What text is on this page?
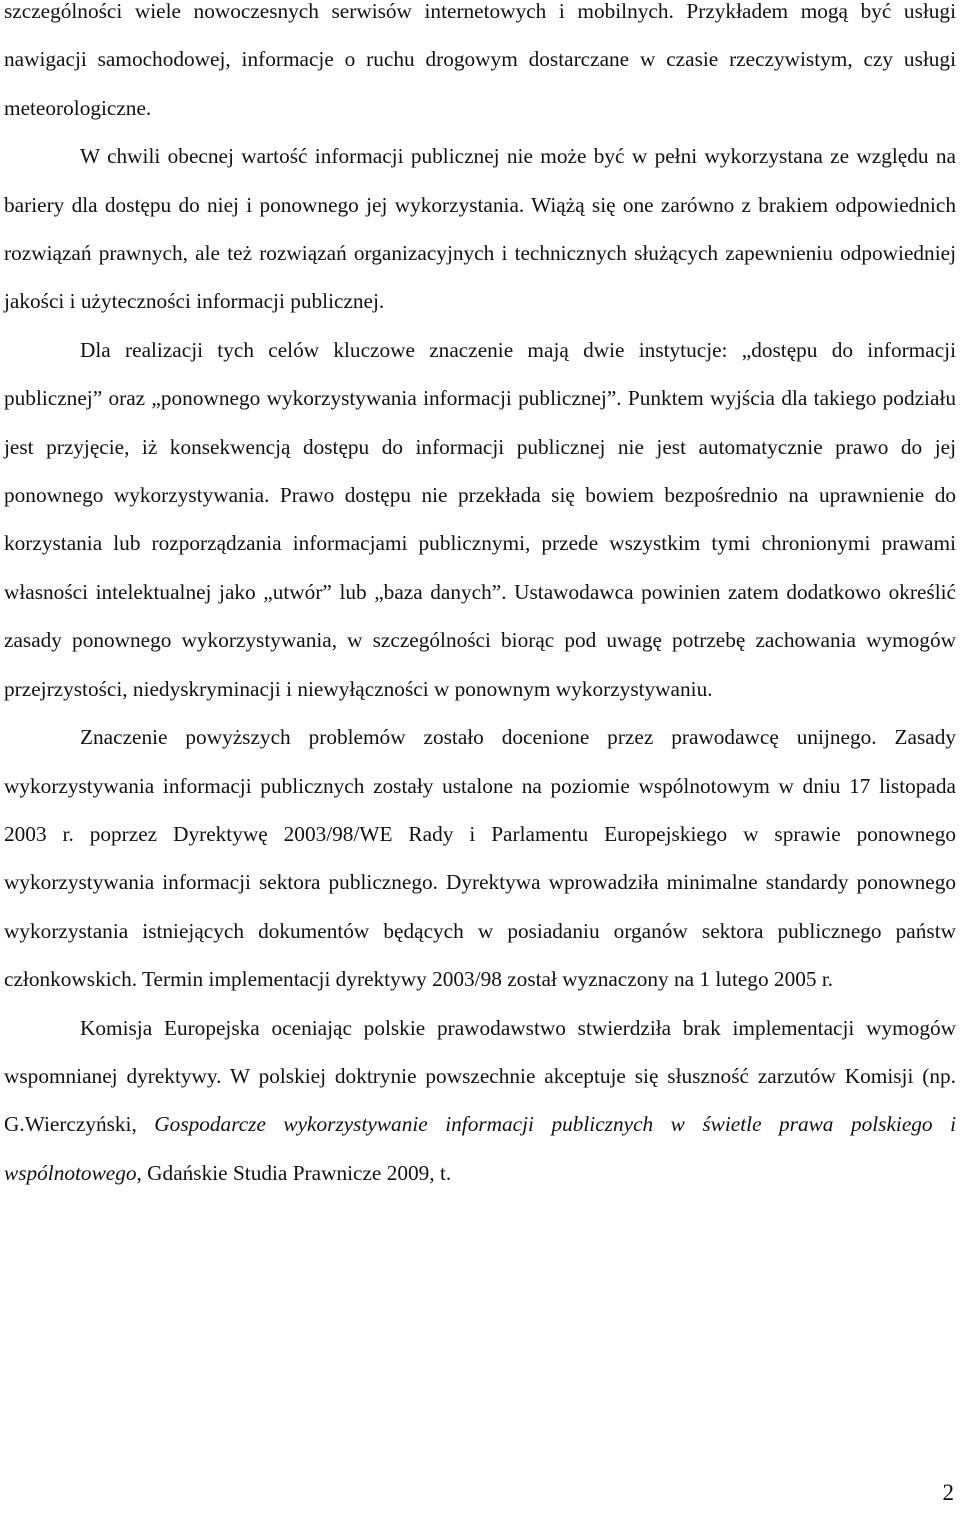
szczególności wiele nowoczesnych serwisów internetowych i mobilnych. Przykładem mogą być usługi nawigacji samochodowej, informacje o ruchu drogowym dostarczane w czasie rzeczywistym, czy usługi meteorologiczne.

W chwili obecnej wartość informacji publicznej nie może być w pełni wykorzystana ze względu na bariery dla dostępu do niej i ponownego jej wykorzystania. Wiążą się one zarówno z brakiem odpowiednich rozwiązań prawnych, ale też rozwiązań organizacyjnych i technicznych służących zapewnieniu odpowiedniej jakości i użyteczności informacji publicznej.

Dla realizacji tych celów kluczowe znaczenie mają dwie instytucje: „dostępu do informacji publicznej” oraz „ponownego wykorzystywania informacji publicznej”. Punktem wyjścia dla takiego podziału jest przyjęcie, iż konsekwencją dostępu do informacji publicznej nie jest automatycznie prawo do jej ponownego wykorzystywania. Prawo dostępu nie przekłada się bowiem bezpośrednio na uprawnienie do korzystania lub rozporządzania informacjami publicznymi, przede wszystkim tymi chronionymi prawami własności intelektualnej jako „utwór” lub „baza danych”. Ustawodawca powinien zatem dodatkowo określić zasady ponownego wykorzystywania, w szczególności biorąc pod uwagę potrzebę zachowania wymogów przejrzystości, niedyskryminacji i niewyłączności w ponownym wykorzystywaniu.

Znaczenie powyższych problemów zostało docenione przez prawodawcę unijnego. Zasady wykorzystywania informacji publicznych zostały ustalone na poziomie wspólnotowym w dniu 17 listopada 2003 r. poprzez Dyrektywę 2003/98/WE Rady i Parlamentu Europejskiego w sprawie ponownego wykorzystywania informacji sektora publicznego. Dyrektywa wprowadziła minimalne standardy ponownego wykorzystania istniejących dokumentów będących w posiadaniu organów sektora publicznego państw członkowskich. Termin implementacji dyrektywy 2003/98 został wyznaczony na 1 lutego 2005 r.

Komisja Europejska oceniając polskie prawodawstwo stwierdziła brak implementacji wymogów wspomnianej dyrektywy. W polskiej doktrynie powszechnie akceptuje się słuszność zarzutów Komisji (np. G.Wierczyński, Gospodarcze wykorzystywanie informacji publicznych w świetle prawa polskiego i wspólnotowego, Gdańskie Studia Prawnicze 2009, t.

2
